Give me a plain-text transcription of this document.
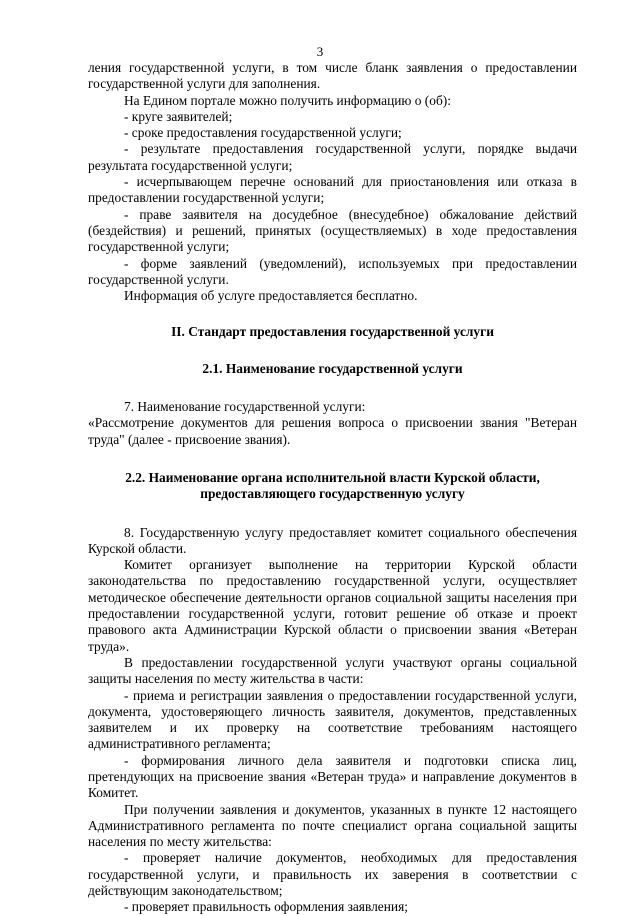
3

ления государственной услуги, в том числе бланк заявления о предоставлении государственной услуги для заполнения.

На Едином портале можно получить информацию о (об):

- круге заявителей;

- сроке предоставления государственной услуги;

- результате предоставления государственной услуги, порядке выдачи результата государственной услуги;

- исчерпывающем перечне оснований для приостановления или отказа в предоставлении государственной услуги;

- праве заявителя на досудебное (внесудебное) обжалование действий (бездействия) и решений, принятых (осуществляемых) в ходе предоставления государственной услуги;

- форме заявлений (уведомлений), используемых при предоставлении государственной услуги.

Информация об услуге предоставляется бесплатно.

II. Стандарт предоставления государственной услуги

2.1. Наименование государственной услуги

7. Наименование государственной услуги:

«Рассмотрение документов для решения вопроса о присвоении звания "Ветеран труда" (далее - присвоение звания).

2.2. Наименование органа исполнительной власти Курской области,

предоставляющего государственную услугу

8. Государственную услугу предоставляет комитет социального обеспечения Курской области.

Комитет организует выполнение на территории Курской области законодательства по предоставлению государственной услуги, осуществляет методическое обеспечение деятельности органов социальной защиты населения при предоставлении государственной услуги, готовит решение об отказе и проект правового акта Администрации Курской области о присвоении звания «Ветеран труда».

В предоставлении государственной услуги участвуют органы социальной защиты населения по месту жительства в части:

- приема и регистрации заявления о предоставлении государственной услуги, документа, удостоверяющего личность заявителя, документов, представленных заявителем и их проверку на соответствие требованиям настоящего административного регламента;

- формирования личного дела заявителя и подготовки списка лиц, претендующих на присвоение звания «Ветеран труда» и направление документов в Комитет.

При получении заявления и документов, указанных в пункте 12 настоящего Административного регламента по почте специалист органа социальной защиты населения по месту жительства:

- проверяет наличие документов, необходимых для предоставления государственной услуги, и правильность их заверения в соответствии с действующим законодательством;

- проверяет правильность оформления заявления;
